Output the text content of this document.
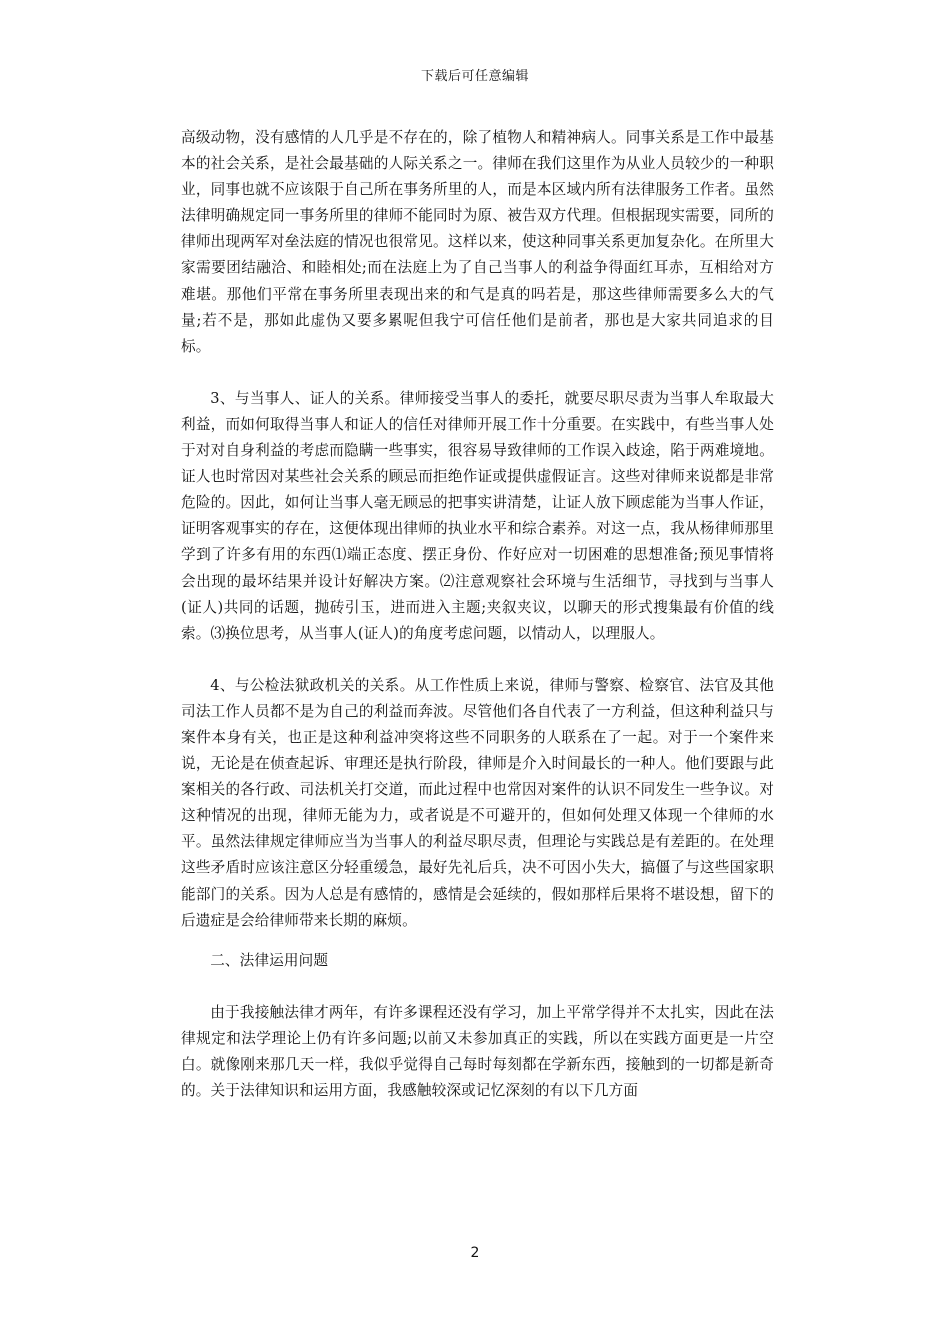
下载后可任意编辑

高级动物，没有感情的人几乎是不存在的，除了植物人和精神病人。同事关系是工作中最基本的社会关系，是社会最基础的人际关系之一。律师在我们这里作为从业人员较少的一种职业，同事也就不应该限于自己所在事务所里的人，而是本区域内所有法律服务工作者。虽然法律明确规定同一事务所里的律师不能同时为原、被告双方代理。但根据现实需要，同所的律师出现两军对垒法庭的情况也很常见。这样以来，使这种同事关系更加复杂化。在所里大家需要团结融洽、和睦相处;而在法庭上为了自己当事人的利益争得面红耳赤，互相给对方难堪。那他们平常在事务所里表现出来的和气是真的吗若是，那这些律师需要多么大的气量;若不是，那如此虚伪又要多累呢但我宁可信任他们是前者，那也是大家共同追求的目标。

3、与当事人、证人的关系。律师接受当事人的委托，就要尽职尽责为当事人牟取最大利益，而如何取得当事人和证人的信任对律师开展工作十分重要。在实践中，有些当事人处于对对自身利益的考虑而隐瞒一些事实，很容易导致律师的工作误入歧途，陷于两难境地。证人也时常因对某些社会关系的顾忌而拒绝作证或提供虚假证言。这些对律师来说都是非常危险的。因此，如何让当事人毫无顾忌的把事实讲清楚，让证人放下顾虑能为当事人作证，证明客观事实的存在，这便体现出律师的执业水平和综合素养。对这一点，我从杨律师那里学到了许多有用的东西⑴端正态度、摆正身份、作好应对一切困难的思想准备;预见事情将会出现的最坏结果并设计好解决方案。⑵注意观察社会环境与生活细节，寻找到与当事人(证人)共同的话题，抛砖引玉，进而进入主题;夹叙夹议，以聊天的形式搜集最有价值的线索。⑶换位思考，从当事人(证人)的角度考虑问题，以情动人，以理服人。

4、与公检法狱政机关的关系。从工作性质上来说，律师与警察、检察官、法官及其他司法工作人员都不是为自己的利益而奔波。尽管他们各自代表了一方利益，但这种利益只与案件本身有关，也正是这种利益冲突将这些不同职务的人联系在了一起。对于一个案件来说，无论是在侦查起诉、审理还是执行阶段，律师是介入时间最长的一种人。他们要跟与此案相关的各行政、司法机关打交道，而此过程中也常因对案件的认识不同发生一些争议。对这种情况的出现，律师无能为力，或者说是不可避开的，但如何处理又体现一个律师的水平。虽然法律规定律师应当为当事人的利益尽职尽责，但理论与实践总是有差距的。在处理这些矛盾时应该注意区分轻重缓急，最好先礼后兵，决不可因小失大，搞僵了与这些国家职能部门的关系。因为人总是有感情的，感情是会延续的，假如那样后果将不堪设想，留下的后遗症是会给律师带来长期的麻烦。

二、法律运用问题

由于我接触法律才两年，有许多课程还没有学习，加上平常学得并不太扎实，因此在法律规定和法学理论上仍有许多问题;以前又未参加真正的实践，所以在实践方面更是一片空白。就像刚来那几天一样，我似乎觉得自己每时每刻都在学新东西，接触到的一切都是新奇的。关于法律知识和运用方面，我感触较深或记忆深刻的有以下几方面

2
